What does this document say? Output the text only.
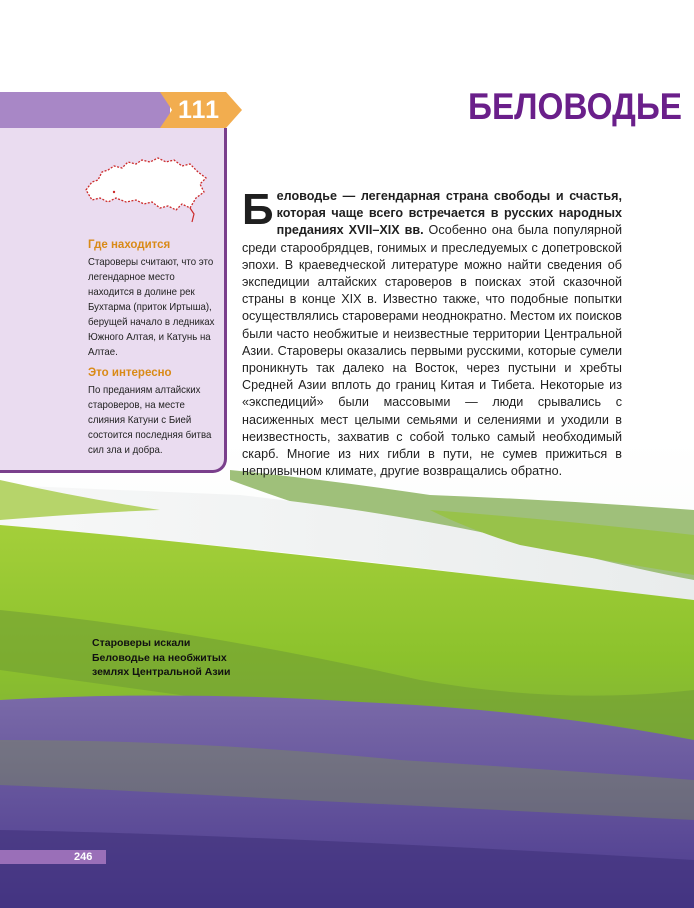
111	БЕЛОВОДЬЕ
Где находится

Староверы считают, что это легендарное место находится в долине рек Бухтарма (приток Иртыша), берущей начало в ледниках Южного Алтая, и Катунь на Алтае.

Это интересно

По преданиям алтайских староверов, на месте слияния Катуни с Бией состоится последняя битва сил зла и добра.

Беловодье — легендарная страна свободы и счастья, которая чаще всего встречается в русских народных преданиях XVII–XIX вв. Особенно она была популярной среди старообрядцев, гонимых и преследуемых с допетровской эпохи. В краеведческой литературе можно найти сведения об экспедиции алтайских староверов в поисках этой сказочной страны в конце XIX в. Известно также, что подобные попытки осуществлялись староверами неоднократно. Местом их поисков были часто необжитые и неизвестные территории Центральной Азии. Староверы оказались первыми русскими, которые сумели проникнуть так далеко на Восток, через пустыни и хребты Средней Азии вплоть до границ Китая и Тибета. Некоторые из «экспедиций» были массовыми — люди срывались с насиженных мест целыми семьями и селениями и уходили в неизвестность, захватив с собой только самый необходимый скарб. Многие из них гибли в пути, не сумев прижиться в непривычном климате, другие возвращались обратно.

Староверы искали Беловодье на необжитых землях Центральной Азии
246
